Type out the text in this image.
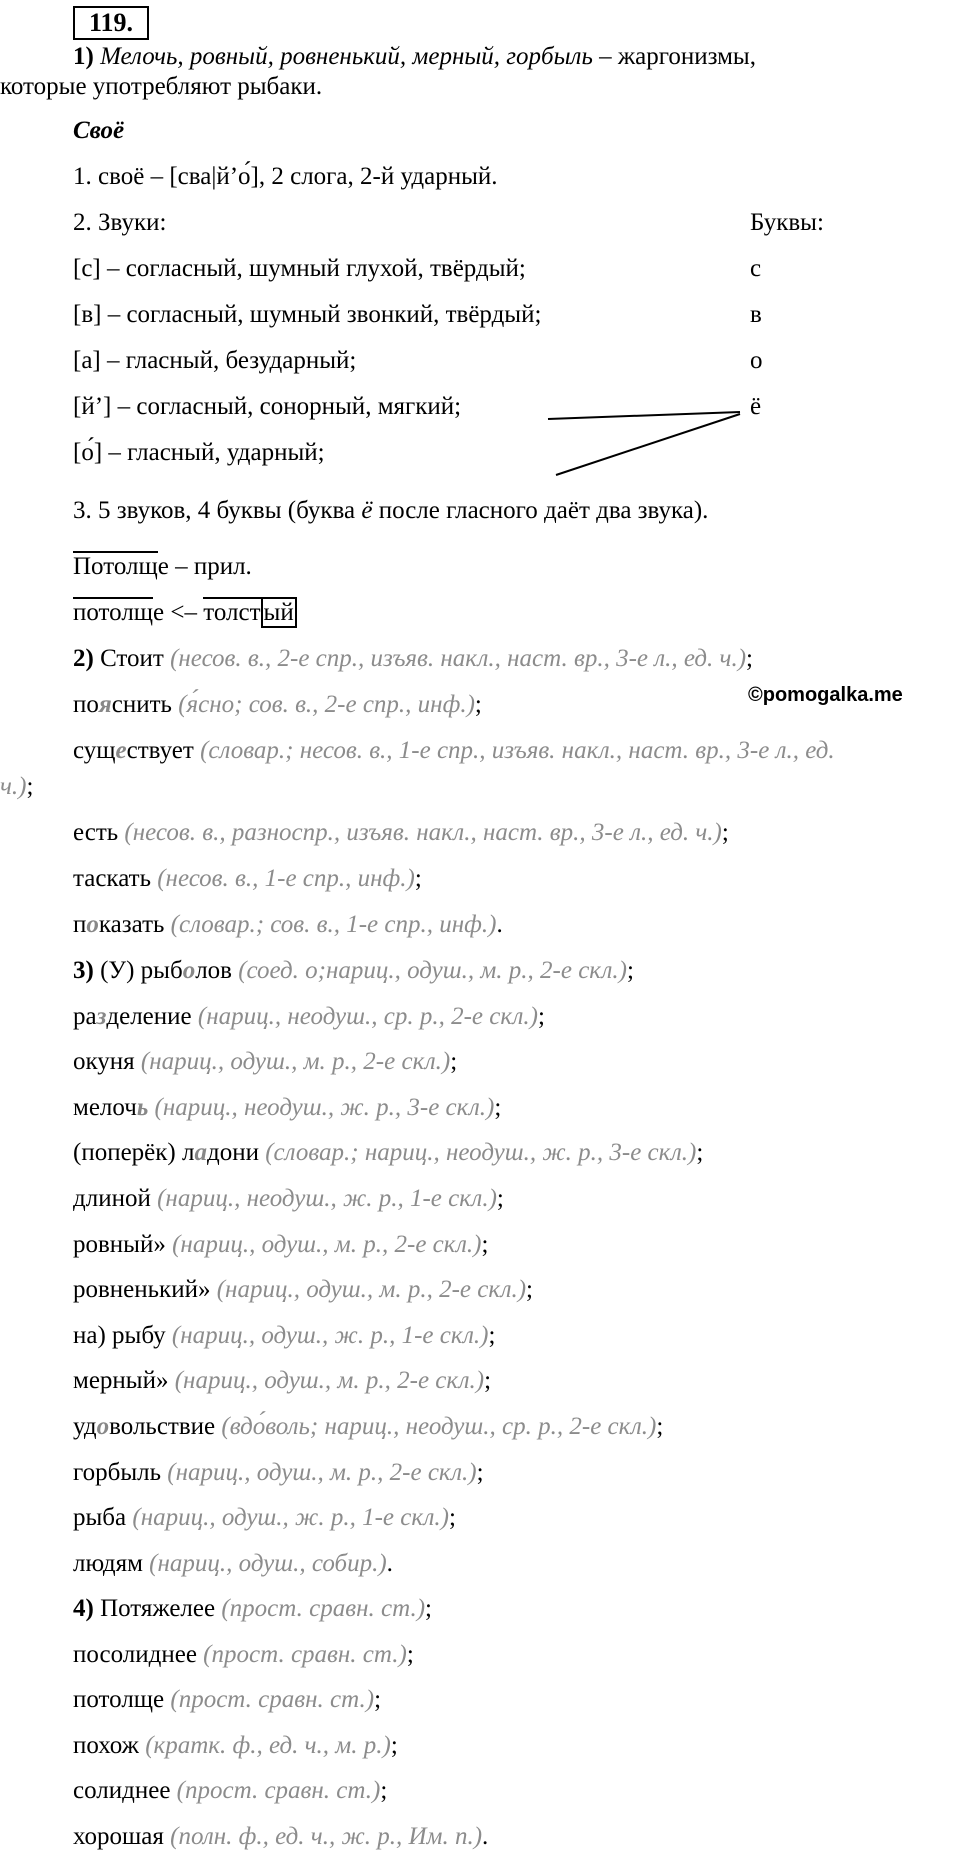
119.
1) Мелочь, ровный, ровненький, мерный, горбыль – жаргонизмы,
которые употребляют рыбаки.
Своё
1. своё – [сва|й’о́], 2 слога, 2-й ударный.
2. Звуки:	Буквы:
[с] – согласный, шумный глухой, твёрдый;
[в] – согласный, шумный звонкий, твёрдый;
[а] – гласный, безударный;
[й’] – согласный, сонорный, мягкий;
[о́] – гласный, ударный;
с
в
о
ё
3. 5 звуков, 4 буквы (буква ё после гласного даёт два звука).
Потолще – прил.
потолще <– толст ый
©pomogalka.me
2) Стоит (несов. в., 2-е спр., изъяв. накл., наст. вр., 3-е л., ед. ч.);
пояснить (я́сно; сов. в., 2-е спр., инф.);
существует (словар.; несов. в., 1-е спр., изъяв. накл., наст. вр., 3-е л., ед.
ч.);
есть (несов. в., разноспр., изъяв. накл., наст. вр., 3-е л., ед. ч.);
таскать (несов. в., 1-е спр., инф.);
показать (словар.; сов. в., 1-е спр., инф.).
3) (У) рыболов (соед. о;нариц., одуш., м. р., 2-е скл.);
разделение (нариц., неодуш., ср. р., 2-е скл.);
окуня (нариц., одуш., м. р., 2-е скл.);
мелочь (нариц., неодуш., ж. р., 3-е скл.);
(поперёк) ладони (словар.; нариц., неодуш., ж. р., 3-е скл.);
длиной (нариц., неодуш., ж. р., 1-е скл.);
ровный» (нариц., одуш., м. р., 2-е скл.);
ровненький» (нариц., одуш., м. р., 2-е скл.);
на) рыбу (нариц., одуш., ж. р., 1-е скл.);
мерный» (нариц., одуш., м. р., 2-е скл.);
удовольствие (вдо́воль; нариц., неодуш., ср. р., 2-е скл.);
горбыль (нариц., одуш., м. р., 2-е скл.);
рыба (нариц., одуш., ж. р., 1-е скл.);
людям (нариц., одуш., собир.).
4) Потяжелее (прост. сравн. ст.);
посолиднее (прост. сравн. ст.);
потолще (прост. сравн. ст.);
похож (кратк. ф., ед. ч., м. р.);
солиднее (прост. сравн. ст.);
хорошая (полн. ф., ед. ч., ж. р., Им. п.).
